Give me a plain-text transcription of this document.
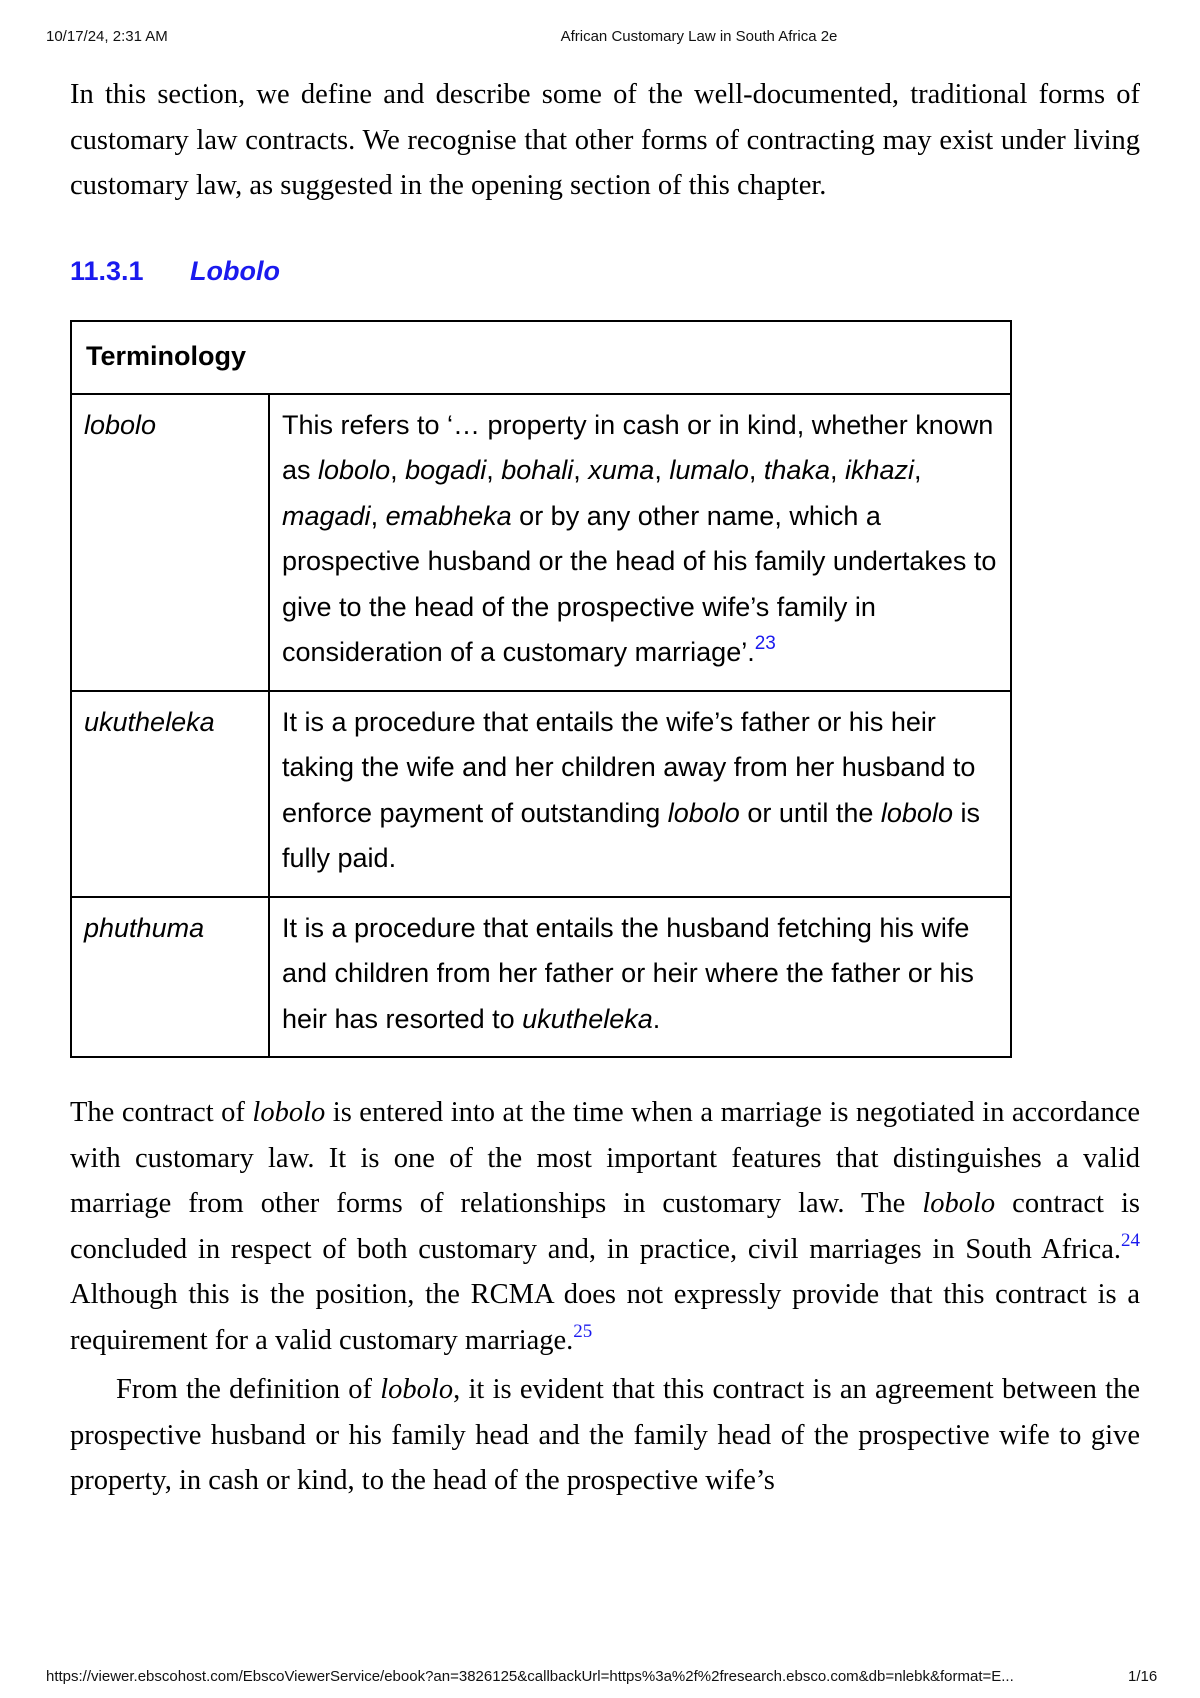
10/17/24, 2:31 AM	African Customary Law in South Africa 2e

In this section, we define and describe some of the well-documented, traditional forms of customary law contracts. We recognise that other forms of contracting may exist under living customary law, as suggested in the opening section of this chapter.

11.3.1 Lobolo
Terminology	
lobolo	This refers to ‘… property in cash or in kind, whether known as lobolo, bogadi, bohali, xuma, lumalo, thaka, ikhazi, magadi, emabheka or by any other name, which a prospective husband or the head of his family undertakes to give to the head of the prospective wife’s family in consideration of a customary marriage’.$^{23}$
ukutheleka	It is a procedure that entails the wife’s father or his heir taking the wife and her children away from her husband to enforce payment of outstanding lobolo or until the lobolo is fully paid.
phuthuma	It is a procedure that entails the husband fetching his wife and children from her father or heir where the father or his heir has resorted to ukutheleka.

The contract of lobolo is entered into at the time when a marriage is negotiated in accordance with customary law. It is one of the most important features that distinguishes a valid marriage from other forms of relationships in customary law. The lobolo contract is concluded in respect of both customary and, in practice, civil marriages in South Africa.$^{24}$ Although this is the position, the RCMA does not expressly provide that this contract is a requirement for a valid customary marriage.$^{25}$

From the definition of lobolo, it is evident that this contract is an agreement between the prospective husband or his family head and the family head of the prospective wife to give property, in cash or kind, to the head of the prospective wife’s

https://viewer.ebscohost.com/EbscoViewerService/ebook?an=3826125&callbackUrl=https%3a%2f%2fresearch.ebsco.com&db=nlebk&format=E...	1/16
